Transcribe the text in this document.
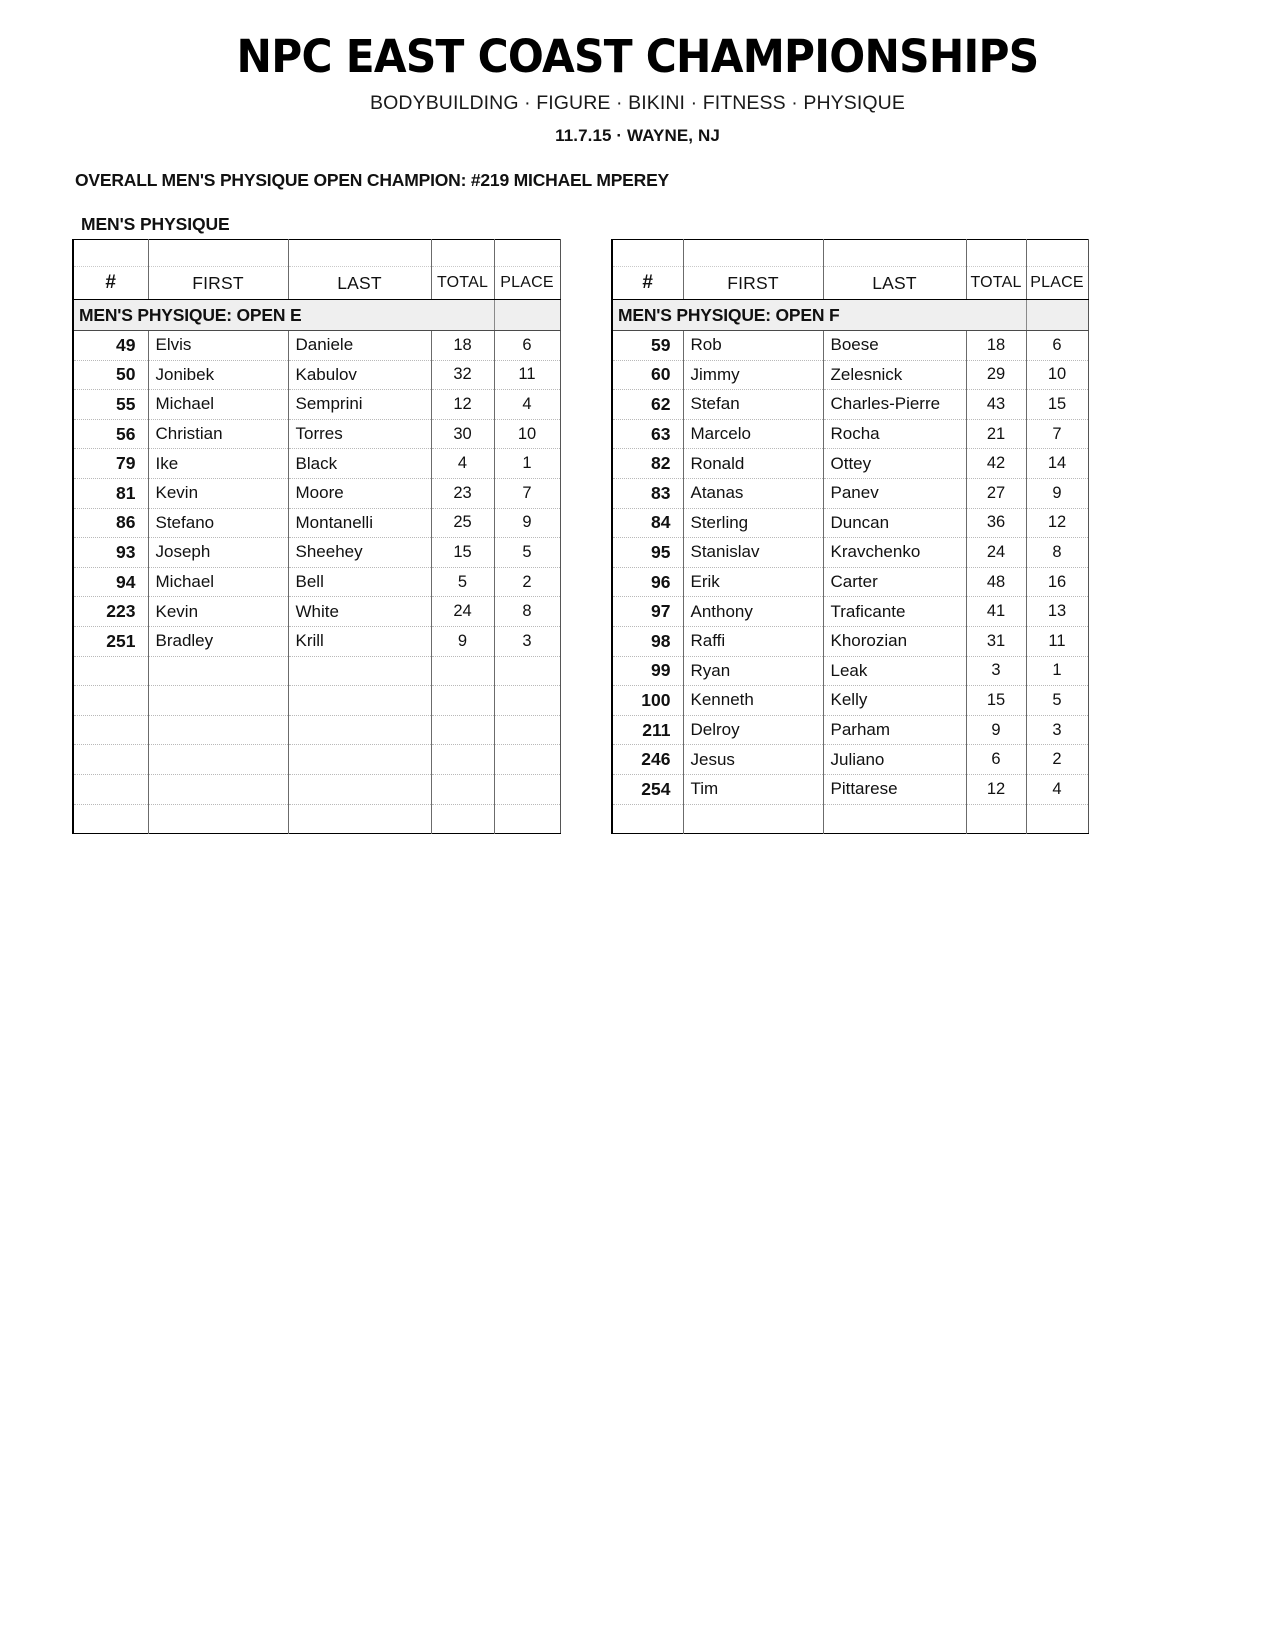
NPC EAST COAST CHAMPIONSHIPS
BODYBUILDING · FIGURE · BIKINI · FITNESS · PHYSIQUE
11.7.15 · WAYNE, NJ
OVERALL MEN'S PHYSIQUE OPEN CHAMPION: #219 MICHAEL MPEREY
MEN'S PHYSIQUE

#	FIRST	LAST	TOTAL	PLACE
MEN'S PHYSIQUE: OPEN E				
49	Elvis	Daniele	18	6
50	Jonibek	Kabulov	32	11
55	Michael	Semprini	12	4
56	Christian	Torres	30	10
79	Ike	Black	4	1
81	Kevin	Moore	23	7
86	Stefano	Montanelli	25	9
93	Joseph	Sheehey	15	5
94	Michael	Bell	5	2
223	Kevin	White	24	8
251	Bradley	Krill	9	3

#	FIRST	LAST	TOTAL	PLACE
MEN'S PHYSIQUE: OPEN F				
59	Rob	Boese	18	6
60	Jimmy	Zelesnick	29	10
62	Stefan	Charles-Pierre	43	15
63	Marcelo	Rocha	21	7
82	Ronald	Ottey	42	14
83	Atanas	Panev	27	9
84	Sterling	Duncan	36	12
95	Stanislav	Kravchenko	24	8
96	Erik	Carter	48	16
97	Anthony	Traficante	41	13
98	Raffi	Khorozian	31	11
99	Ryan	Leak	3	1
100	Kenneth	Kelly	15	5
211	Delroy	Parham	9	3
246	Jesus	Juliano	6	2
254	Tim	Pittarese	12	4
